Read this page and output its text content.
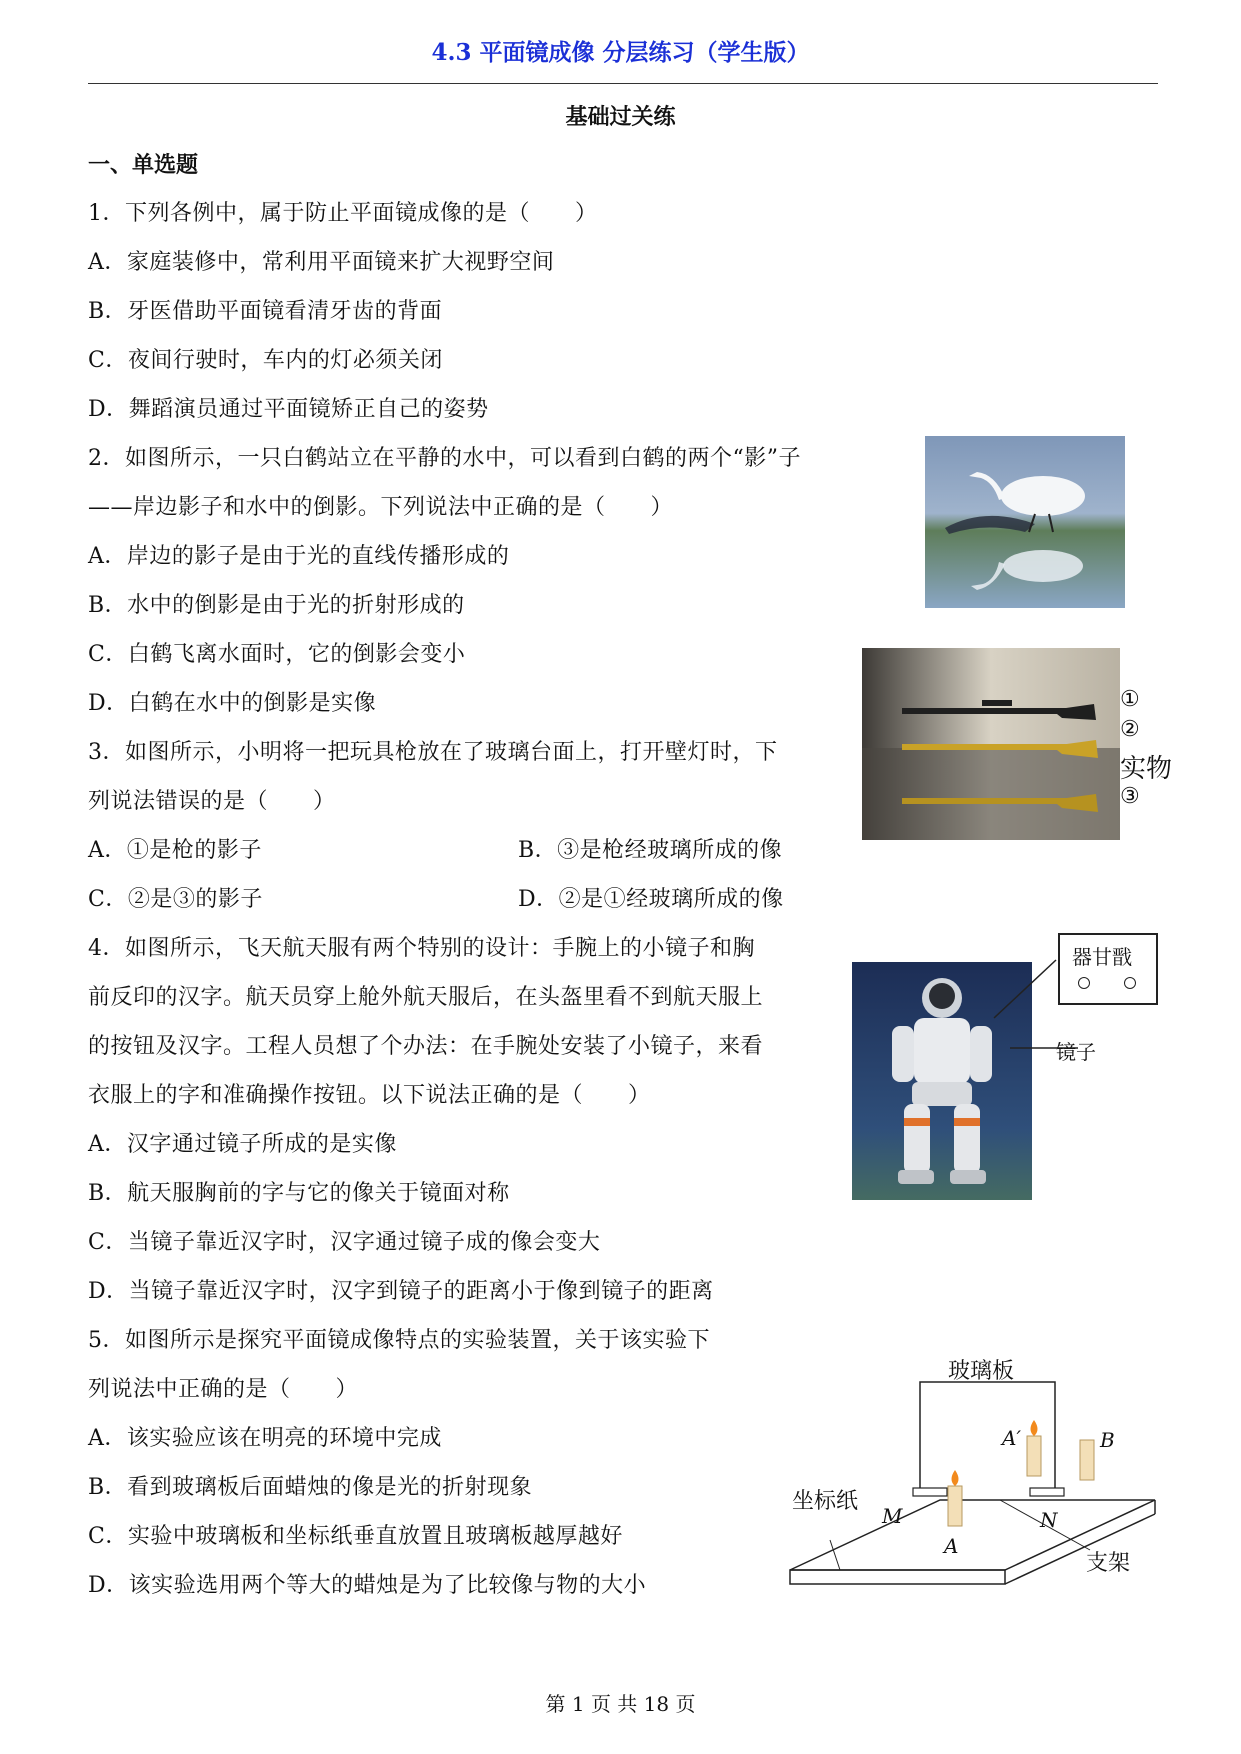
4.3 平面镜成像 分层练习（学生版）
基础过关练
一、单选题
1．下列各例中，属于防止平面镜成像的是（　　）
A．家庭装修中，常利用平面镜来扩大视野空间
B．牙医借助平面镜看清牙齿的背面
C．夜间行驶时，车内的灯必须关闭
D．舞蹈演员通过平面镜矫正自己的姿势
2．如图所示，一只白鹤站立在平静的水中，可以看到白鹤的两个“影”子
——岸边影子和水中的倒影。下列说法中正确的是（　　）
A．岸边的影子是由于光的直线传播形成的
B．水中的倒影是由于光的折射形成的
C．白鹤飞离水面时，它的倒影会变小
D．白鹤在水中的倒影是实像
3．如图所示，小明将一把玩具枪放在了玻璃台面上，打开壁灯时，下
列说法错误的是（　　）
A．①是枪的影子	B．③是枪经玻璃所成的像
C．②是③的影子	D．②是①经玻璃所成的像
①
②
实物
③
4．如图所示，飞天航天服有两个特别的设计：手腕上的小镜子和胸
前反印的汉字。航天员穿上舱外航天服后，在头盔里看不到航天服上
的按钮及汉字。工程人员想了个办法：在手腕处安装了小镜子，来看
衣服上的字和准确操作按钮。以下说法正确的是（　　）
A．汉字通过镜子所成的是实像
B．航天服胸前的字与它的像关于镜面对称
C．当镜子靠近汉字时，汉字通过镜子成的像会变大
D．当镜子靠近汉字时，汉字到镜子的距离小于像到镜子的距离
器甘戬
镜子
5．如图所示是探究平面镜成像特点的实验装置，关于该实验下
列说法中正确的是（　　）
A．该实验应该在明亮的环境中完成
B．看到玻璃板后面蜡烛的像是光的折射现象
C．实验中玻璃板和坐标纸垂直放置且玻璃板越厚越好
D．该实验选用两个等大的蜡烛是为了比较像与物的大小
玻璃板
坐标纸
支架
A′	B
M	N
A
第 1 页 共 18 页
